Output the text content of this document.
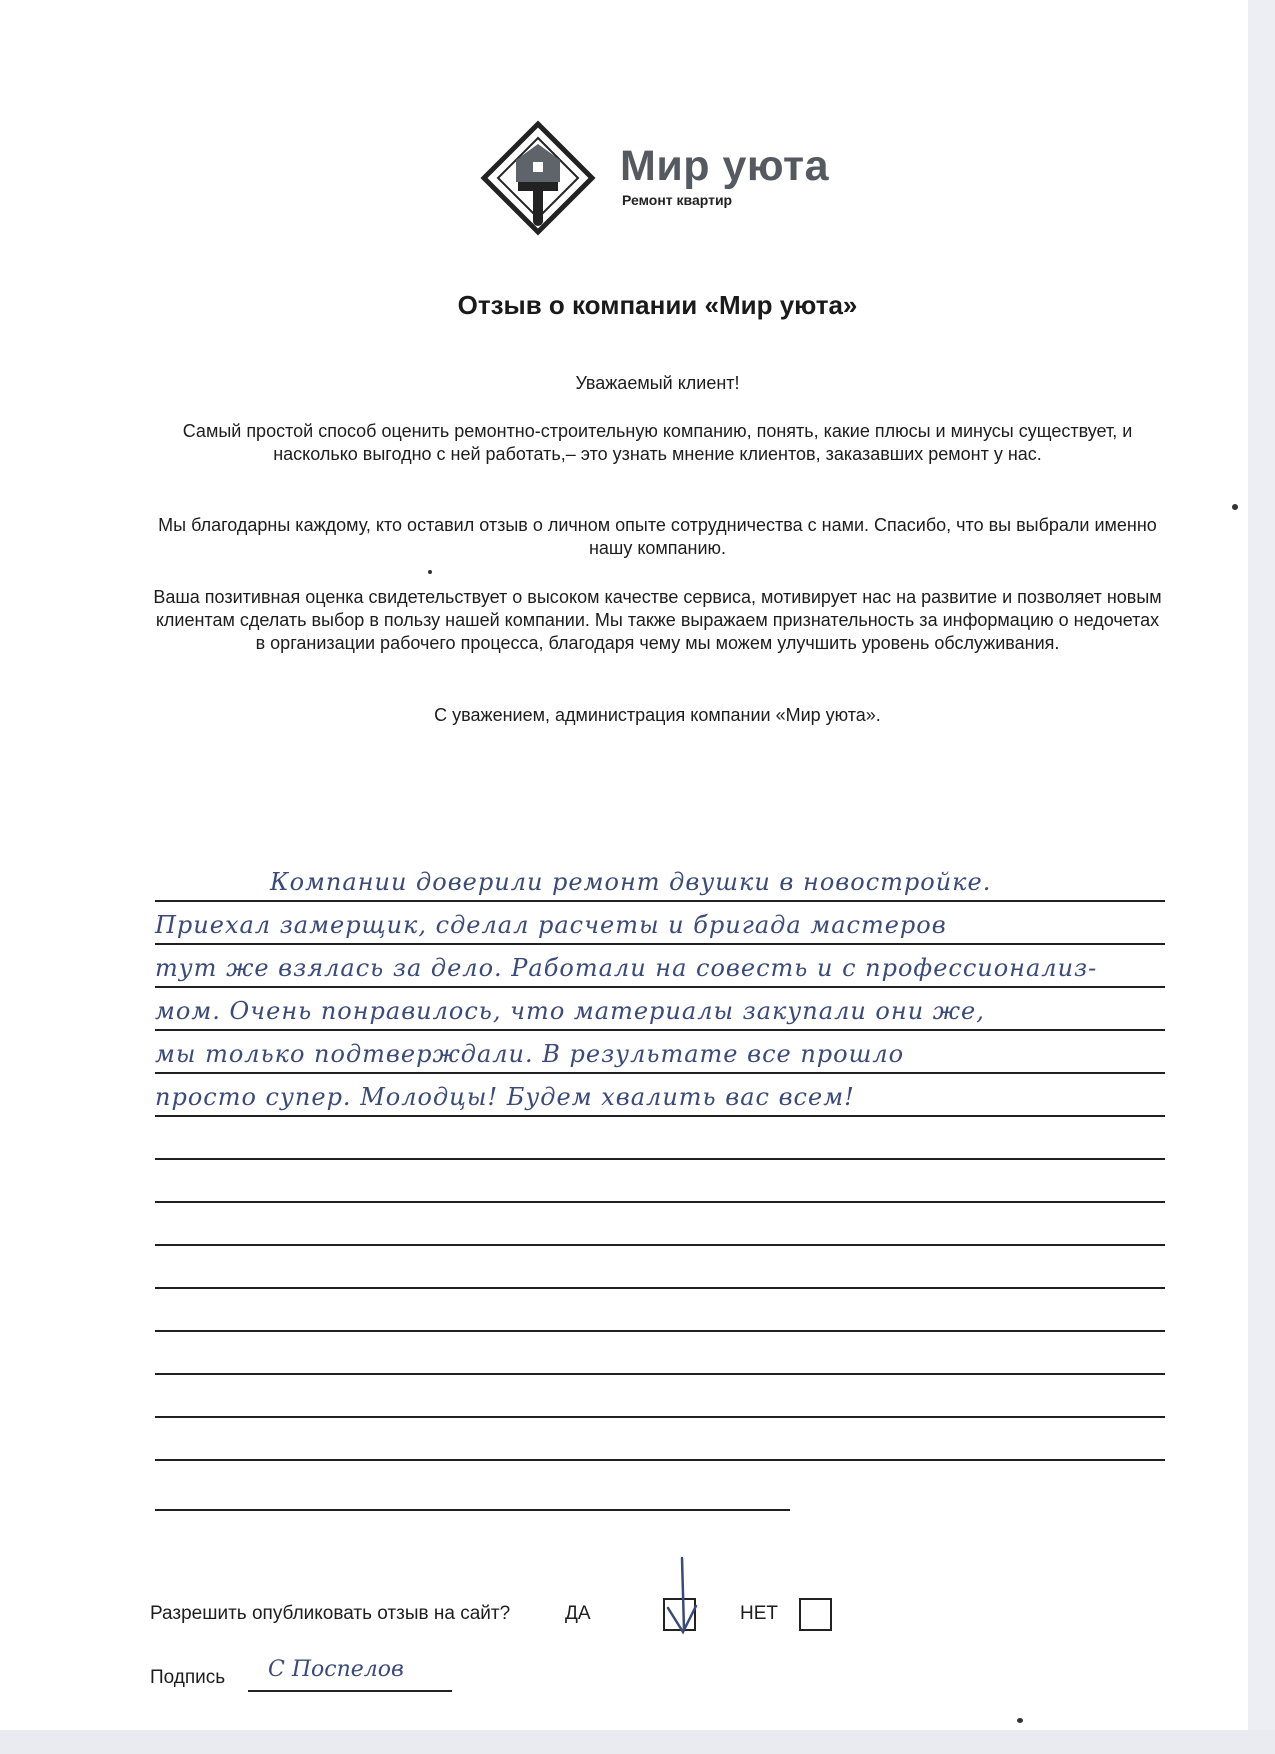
Мир уюта
Ремонт квартир
Отзыв о компании «Мир уюта»
Уважаемый клиент!
Самый простой способ оценить ремонтно-строительную компанию, понять, какие плюсы и минусы существует, и насколько выгодно с ней работать,– это узнать мнение клиентов, заказавших ремонт у нас.
Мы благодарны каждому, кто оставил отзыв о личном опыте сотрудничества с нами. Спасибо, что вы выбрали именно нашу компанию.
Ваша позитивная оценка свидетельствует о высоком качестве сервиса, мотивирует нас на развитие и позволяет новым клиентам сделать выбор в пользу нашей компании. Мы также выражаем признательность за информацию о недочетах в организации рабочего процесса, благодаря чему мы можем улучшить уровень обслуживания.
С уважением, администрация компании «Мир уюта».
Компании доверили ремонт двушки в новостройке.
Приехал замерщик, сделал расчеты и бригада мастеров
тут же взялась за дело. Работали на совесть и с профессионализ-
мом. Очень понравилось, что материалы закупали они же,
мы только подтверждали. В результате все прошло
просто супер. Молодцы! Будем хвалить вас всем!
Разрешить опубликовать отзыв на сайт?	ДА	НЕТ
Подпись С Поспелов
